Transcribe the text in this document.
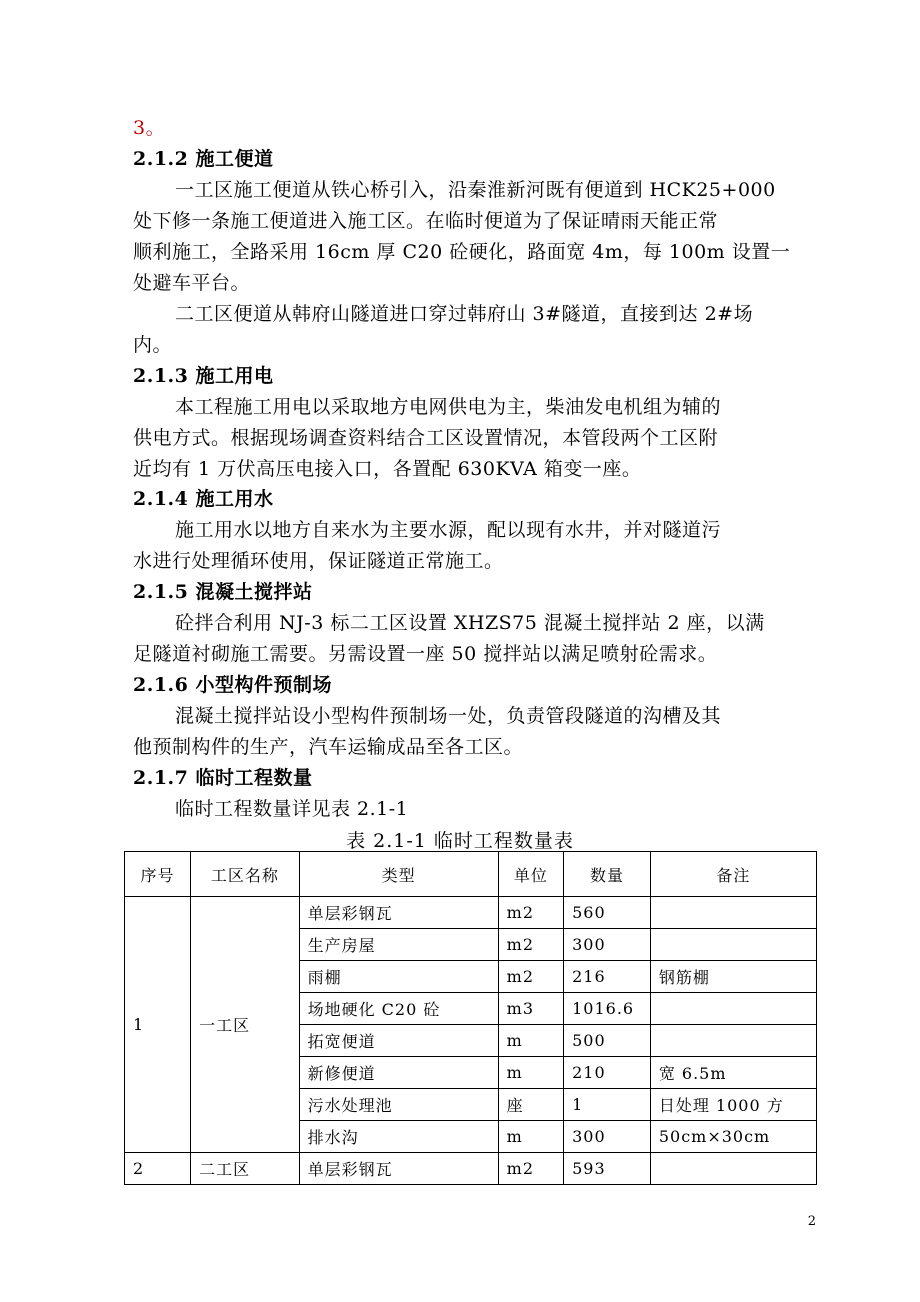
3。
2.1.2 施工便道
一工区施工便道从铁心桥引入，沿秦淮新河既有便道到 HCK25+000
处下修一条施工便道进入施工区。在临时便道为了保证晴雨天能正常
顺利施工，全路采用 16cm 厚 C20 砼硬化，路面宽 4m，每 100m 设置一
处避车平台。
二工区便道从韩府山隧道进口穿过韩府山 3#隧道，直接到达 2#场
内。
2.1.3 施工用电
本工程施工用电以采取地方电网供电为主，柴油发电机组为辅的
供电方式。根据现场调查资料结合工区设置情况，本管段两个工区附
近均有 1 万伏高压电接入口，各置配 630KVA 箱变一座。
2.1.4 施工用水
施工用水以地方自来水为主要水源，配以现有水井，并对隧道污
水进行处理循环使用，保证隧道正常施工。
2.1.5 混凝土搅拌站
砼拌合利用 NJ-3 标二工区设置 XHZS75 混凝土搅拌站 2 座，以满
足隧道衬砌施工需要。另需设置一座 50 搅拌站以满足喷射砼需求。
2.1.6 小型构件预制场
混凝土搅拌站设小型构件预制场一处，负责管段隧道的沟槽及其
他预制构件的生产，汽车运输成品至各工区。
2.1.7 临时工程数量
临时工程数量详见表 2.1-1
表 2.1-1 临时工程数量表
序号	工区名称	类型	单位	数量	备注
1	一工区	单层彩钢瓦	m2	560	
		生产房屋	m2	300	
		雨棚	m2	216	钢筋棚
		场地硬化 C20 砼	m3	1016.6	
		拓宽便道	m	500	
		新修便道	m	210	宽 6.5m
		污水处理池	座	1	日处理 1000 方
		排水沟	m	300	50cm×30cm
2	二工区	单层彩钢瓦	m2	593	
2
